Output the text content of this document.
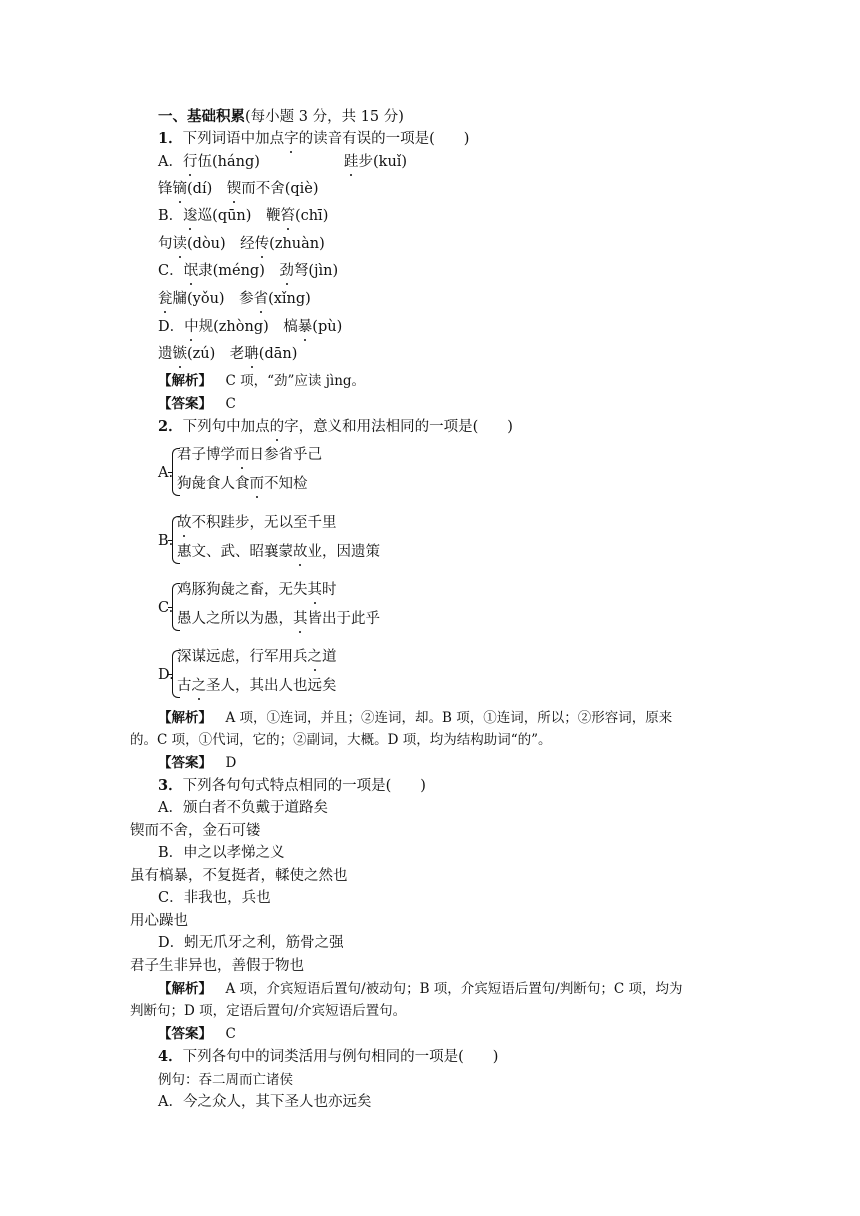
一、基础积累(每小题 3 分，共 15 分)
1．下列词语中加点字的读音有误的一项是(　　)
A．行伍(háng)	跬步(kuǐ)
锋镝(dí)   锲而不舍(qiè)
B．逡巡(qūn)   鞭笞(chī)
句读(dòu)   经传(zhuàn)
C．氓隶(méng)   劲弩(jìn)
瓮牖(yǒu)   参省(xǐng)
D．中规(zhòng)   槁暴(pù)
遗镞(zú)   老聃(dān)
【解析】  C 项，“劲”应读 jìng。
【答案】  C
2．下列句中加点的字，意义和用法相同的一项是(　　)
A.
君子博学而日参省乎己
狗彘食人食而不知检
B.
故不积跬步，无以至千里
惠文、武、昭襄蒙故业，因遗策
C.
鸡豚狗彘之畜，无失其时
愚人之所以为愚，其皆出于此乎
D.
深谋远虑，行军用兵之道
古之圣人，其出人也远矣
【解析】  A 项，①连词，并且；②连词，却。B 项，①连词，所以；②形容词，原来
的。C 项，①代词，它的；②副词，大概。D 项，均为结构助词“的”。
【答案】  D
3．下列各句句式特点相同的一项是(　　)
A．颁白者不负戴于道路矣
锲而不舍，金石可镂
B．申之以孝悌之义
虽有槁暴，不复挺者，輮使之然也
C．非我也，兵也
用心躁也
D．蚓无爪牙之利，筋骨之强
君子生非异也，善假于物也
【解析】  A 项，介宾短语后置句/被动句；B 项，介宾短语后置句/判断句；C 项，均为
判断句；D 项，定语后置句/介宾短语后置句。
【答案】  C
4．下列各句中的词类活用与例句相同的一项是(　　)
例句：吞二周而亡诸侯
A．今之众人，其下圣人也亦远矣
